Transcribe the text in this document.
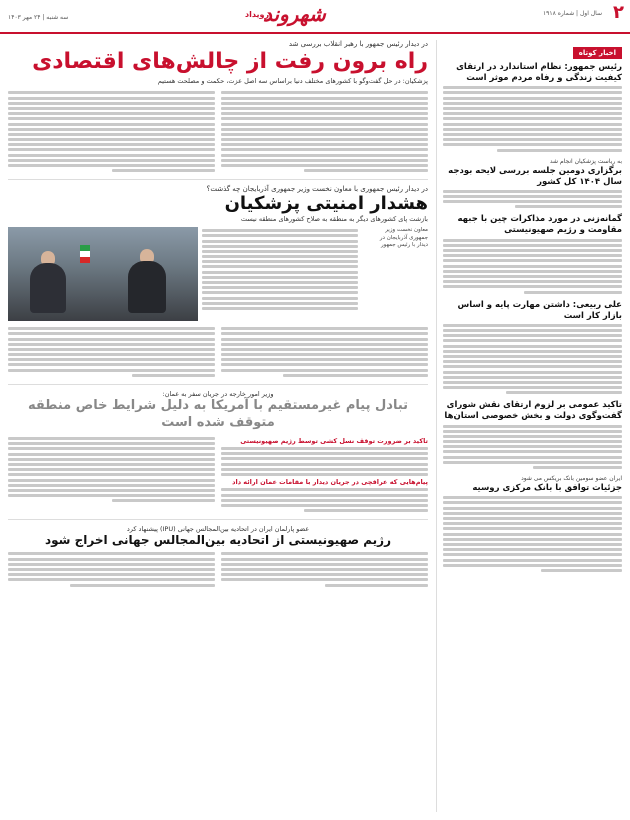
۲
سال اول | شماره ۱۹۱۸
شهروند
رویداد
سه شنبه | ۲۴ مهر ۱۴۰۳
اخبار کوتاه
رئیس جمهور: نظام استاندارد در ارتقای کیفیت زندگی و رفاه مردم موثر است
به ریاست پزشکیان انجام شد
برگزاری دومین جلسه بررسی لایحه بودجه سال ۱۴۰۴ کل کشور
گمانه‌زنی در مورد مذاکرات چین با جبهه مقاومت و رژیم صهیونیستی
علی ربیعی: داشتن مهارت پایه و اساس بازار کار است
تاکید عمومی بر لزوم ارتقای نقش شورای گفت‌وگوی دولت و بخش خصوصی استان‌ها
ایران عضو سومین بانک بریکس می شود
جزئیات توافق با بانک مرکزی روسیه
در دیدار رئیس جمهور با رهبر انقلاب بررسی شد
راه برون رفت از چالش‌های اقتصادی
پزشکیان: در حل گفت‌وگو با کشورهای مختلف دنیا براساس سه اصل عزت، حکمت و مصلحت هستیم
در دیدار رئیس جمهوری با معاون نخست وزیر جمهوری آذربایجان چه گذشت؟
هشدار امنیتی پزشکیان
بازشت پای کشورهای دیگر به منطقه به صلاح کشورهای منطقه نیست
معاون نخست وزیر جمهوری آذربایجان در دیدار با رئیس جمهور
وزیر امور خارجه در جریان سفر به عمان:
تبادل پیام غیرمستقیم با آمریکا به دلیل شرایط خاص منطقه متوقف شده است
تاکید بر ضرورت توقف نسل کشی توسط رژیم صهیونیستی
پیام‌هایی که عراقچی در جریان دیدار با مقامات عمان ارائه داد
عضو پارلمان ایران در اتحادیه بین‌المجالس جهانی (IPU) پیشنهاد کرد
رژیم صهیونیستی از اتحادیه بین‌المجالس جهانی اخراج شود
